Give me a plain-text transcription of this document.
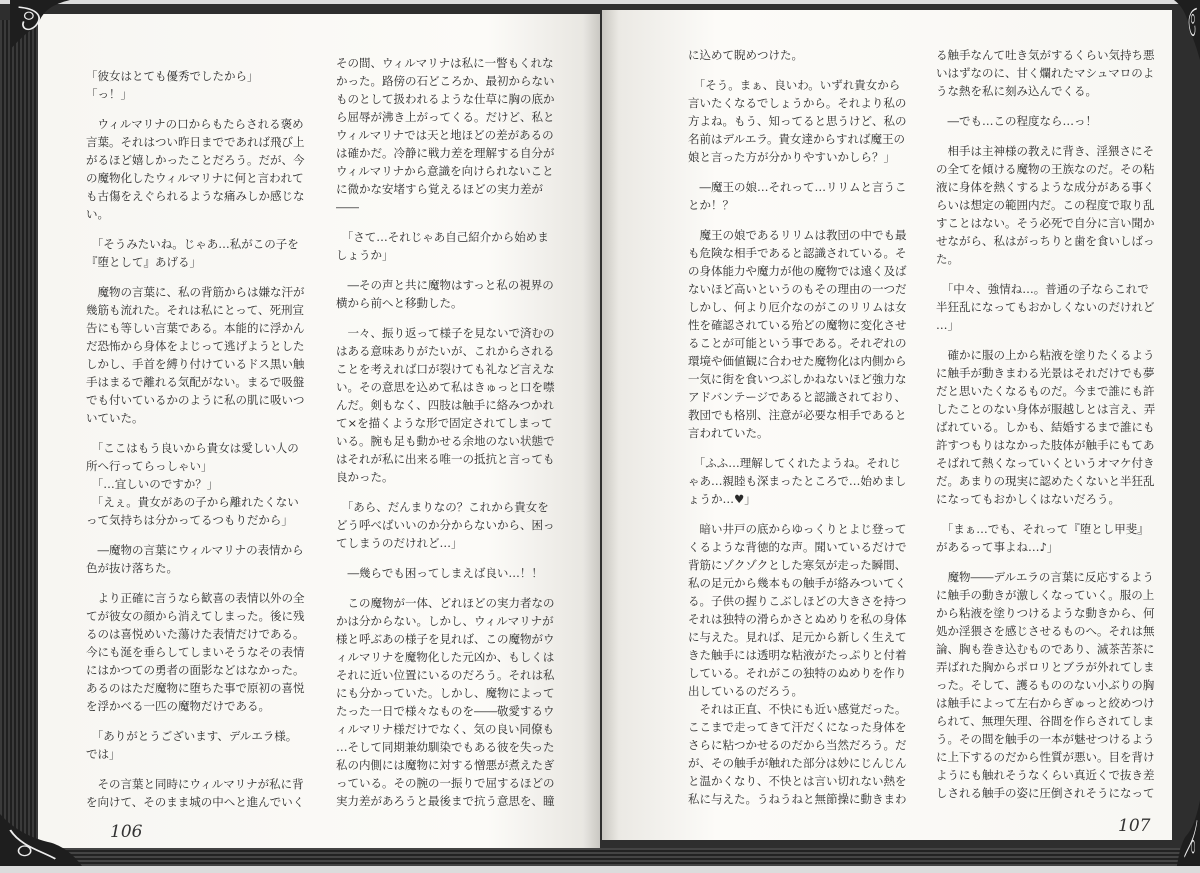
「彼女はとても優秀でしたから」
「っ！」
　ウィルマリナの口からもたらされる褒め
言葉。それはつい昨日までであれば飛び上
がるほど嬉しかったことだろう。だが、今
の魔物化したウィルマリナに何と言われて
も古傷をえぐられるような痛みしか感じな
い。
　「そうみたいね。じゃあ…私がこの子を
『堕として』あげる」
　魔物の言葉に、私の背筋からは嫌な汗が
幾筋も流れた。それは私にとって、死刑宣
告にも等しい言葉である。本能的に浮かん
だ恐怖から身体をよじって逃げようとした
しかし、手首を縛り付けているドス黒い触
手はまるで離れる気配がない。まるで吸盤
でも付いているかのように私の肌に吸いつ
いていた。
　「ここはもう良いから貴女は愛しい人の
所へ行ってらっしゃい」
　「…宜しいのですか？」
　「えぇ。貴女があの子から離れたくない
って気持ちは分かってるつもりだから」
　―魔物の言葉にウィルマリナの表情から
色が抜け落ちた。
　より正確に言うなら歓喜の表情以外の全
てが彼女の顔から消えてしまった。後に残
るのは喜悦めいた蕩けた表情だけである。
今にも涎を垂らしてしまいそうなその表情
にはかつての勇者の面影などはなかった。
あるのはただ魔物に堕ちた事で原初の喜悦
を浮かべる一匹の魔物だけである。
　「ありがとうございます、デルエラ様。
では」
　その言葉と同時にウィルマリナが私に背
を向けて、そのまま城の中へと進んでいく
その間、ウィルマリナは私に一瞥もくれな
かった。路傍の石どころか、最初からない
ものとして扱われるような仕草に胸の底か
ら屈辱が沸き上がってくる。だけど、私と
ウィルマリナでは天と地ほどの差があるの
は確かだ。冷静に戦力差を理解する自分が
ウィルマリナから意識を向けられないこと
に微かな安堵すら覚えるほどの実力差が
――
　「さて…それじゃあ自己紹介から始めま
しょうか」
　―その声と共に魔物はすっと私の視界の
横から前へと移動した。
　一々、振り返って様子を見ないで済むの
はある意味ありがたいが、これからされる
ことを考えれば口が裂けても礼など言えな
い。その意思を込めて私はきゅっと口を噤
んだ。剣もなく、四肢は触手に絡みつかれ
て×を描くような形で固定されてしまって
いる。腕も足も動かせる余地のない状態で
はそれが私に出来る唯一の抵抗と言っても
良かった。
　「あら、だんまりなの？これから貴女を
どう呼べばいいのか分からないから、困っ
てしまうのだけれど…」
　―幾らでも困ってしまえば良い…！！
　この魔物が一体、どれほどの実力者なの
かは分からない。しかし、ウィルマリナが
様と呼ぶあの様子を見れば、この魔物がウ
ィルマリナを魔物化した元凶か、もしくは
それに近い位置にいるのだろう。それは私
にも分かっていた。しかし、魔物によって
たった一日で様々なものを――敬愛するウ
ィルマリナ様だけでなく、気の良い同僚も
…そして同期兼幼馴染でもある彼を失った
私の内側には魔物に対する憎悪が煮えたぎ
っている。その腕の一振りで屈するほどの
実力差があろうと最後まで抗う意思を、瞳
106
に込めて睨めつけた。
　「そう。まぁ、良いわ。いずれ貴女から
言いたくなるでしょうから。それより私の
方よね。もう、知ってると思うけど、私の
名前はデルエラ。貴女達からすれば魔王の
娘と言った方が分かりやすいかしら？」
　―魔王の娘…それって…リリムと言うこ
とか！？
　魔王の娘であるリリムは教団の中でも最
も危険な相手であると認識されている。そ
の身体能力や魔力が他の魔物では遠く及ば
ないほど高いというのもその理由の一つだ
しかし、何より厄介なのがこのリリムは女
性を確認されている殆どの魔物に変化させ
ることが可能という事である。それぞれの
環境や価値観に合わせた魔物化は内側から
一気に街を食いつぶしかねないほど強力な
アドバンテージであると認識されており、
教団でも格別、注意が必要な相手であると
言われていた。
　「ふふ…理解してくれたようね。それじ
ゃあ…親睦も深まったところで…始めまし
ょうか…♥」
　暗い井戸の底からゆっくりとよじ登って
くるような背徳的な声。聞いているだけで
背筋にゾクゾクとした寒気が走った瞬間、
私の足元から幾本もの触手が絡みついてく
る。子供の握りこぶしほどの大きさを持つ
それは独特の滑らかさとぬめりを私の身体
に与えた。見れば、足元から新しく生えて
きた触手には透明な粘液がたっぷりと付着
している。それがこの独特のぬめりを作り
出しているのだろう。
　それは正直、不快にも近い感覚だった。
ここまで走ってきて汗だくになった身体を
さらに粘つかせるのだから当然だろう。だ
が、その触手が触れた部分は妙にじんじん
と温かくなり、不快とは言い切れない熱を
私に与えた。うねうねと無節操に動きまわ
る触手なんて吐き気がするくらい気持ち悪
いはずなのに、甘く爛れたマシュマロのよ
うな熱を私に刻み込んでくる。
　―でも…この程度なら…っ！
　相手は主神様の教えに背き、淫猥さにそ
の全てを傾ける魔物の王族なのだ。その粘
液に身体を熱くするような成分がある事く
らいは想定の範囲内だ。この程度で取り乱
すことはない。そう必死で自分に言い聞か
せながら、私はがっちりと歯を食いしばっ
た。
　「中々、強情ね…。普通の子ならこれで
半狂乱になってもおかしくないのだけれど
…」
　確かに服の上から粘液を塗りたくるよう
に触手が動きまわる光景はそれだけでも夢
だと思いたくなるものだ。今まで誰にも許
したことのない身体が服越しとは言え、弄
ばれている。しかも、結婚するまで誰にも
許すつもりはなかった肢体が触手にもてあ
そばれて熱くなっていくというオマケ付き
だ。あまりの現実に認めたくないと半狂乱
になってもおかしくはないだろう。
　「まぁ…でも、それって『堕とし甲斐』
があるって事よね…♪」
　魔物――デルエラの言葉に反応するよう
に触手の動きが激しくなっていく。服の上
から粘液を塗りつけるような動きから、何
処か淫猥さを感じさせるものへ。それは無
論、胸も巻き込むものであり、滅茶苦茶に
弄ばれた胸からポロリとブラが外れてしま
った。そして、護るもののない小ぶりの胸
は触手によって左右からぎゅっと絞めつけ
られて、無理矢理、谷間を作らされてしま
う。その間を触手の一本が魅せつけるよう
に上下するのだから性質が悪い。目を背け
ようにも触れそうなくらい真近くで抜き差
しされる触手の姿に圧倒されそうになって
107
